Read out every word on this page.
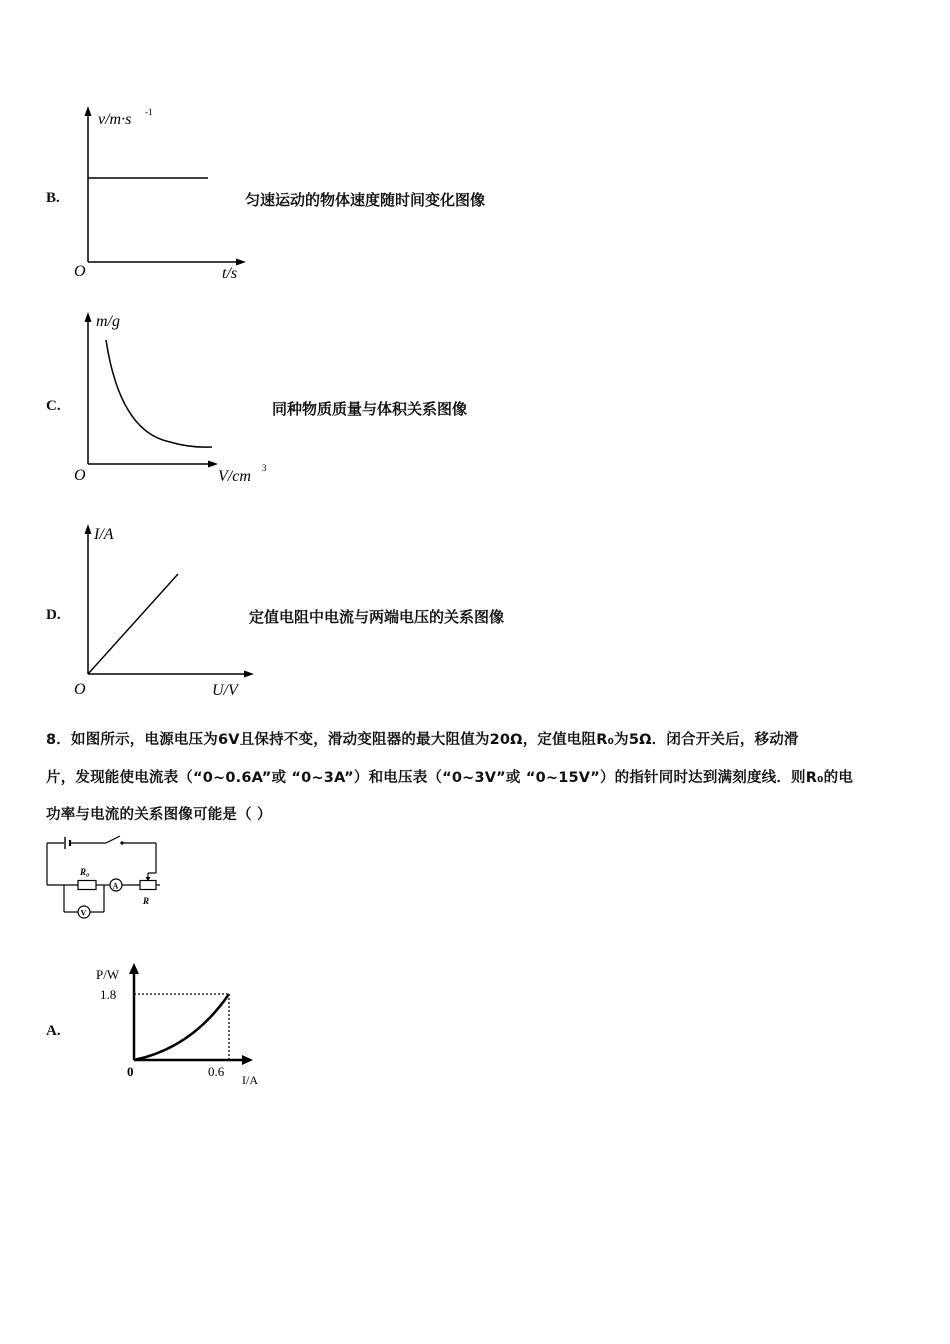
B.
v/m·s -1
t/s
O
匀速运动的物体速度随时间变化图像
C.
m/g
V/cm 3
O
同种物质质量与体积关系图像
D.
I/A
U/V
O
定值电阻中电流与两端电压的关系图像
8．如图所示，电源电压为6V且保持不变，滑动变阻器的最大阻值为20Ω，定值电阻R₀为5Ω．闭合开关后，移动滑
片，发现能使电流表（“0~0.6A”或 “0~3A”）和电压表（“0~3V”或 “0~15V”）的指针同时达到满刻度线．则R₀的电
功率与电流的关系图像可能是（ ）
R₀
A
R
V
A.
P/W
1.8
0	0.6
I/A
